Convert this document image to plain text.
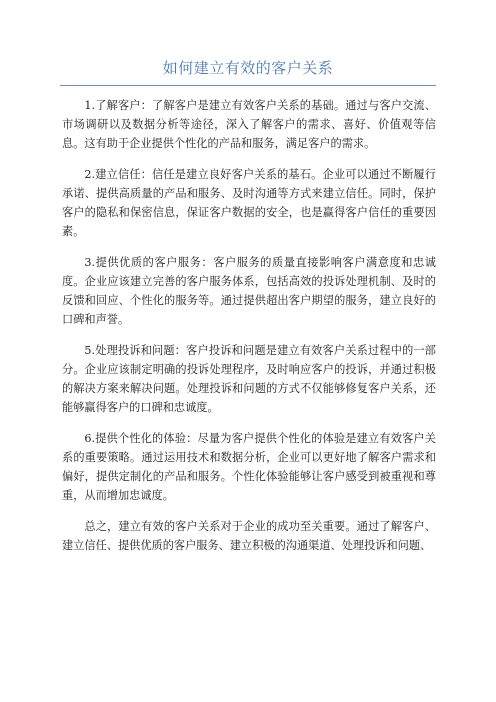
如何建立有效的客户关系

1.了解客户：了解客户是建立有效客户关系的基础。通过与客户交流、市场调研以及数据分析等途径，深入了解客户的需求、喜好、价值观等信息。这有助于企业提供个性化的产品和服务，满足客户的需求。

2.建立信任：信任是建立良好客户关系的基石。企业可以通过不断履行承诺、提供高质量的产品和服务、及时沟通等方式来建立信任。同时，保护客户的隐私和保密信息，保证客户数据的安全，也是赢得客户信任的重要因素。

3.提供优质的客户服务：客户服务的质量直接影响客户满意度和忠诚度。企业应该建立完善的客户服务体系，包括高效的投诉处理机制、及时的反馈和回应、个性化的服务等。通过提供超出客户期望的服务，建立良好的口碑和声誉。

5.处理投诉和问题：客户投诉和问题是建立有效客户关系过程中的一部分。企业应该制定明确的投诉处理程序，及时响应客户的投诉，并通过积极的解决方案来解决问题。处理投诉和问题的方式不仅能够修复客户关系，还能够赢得客户的口碑和忠诚度。

6.提供个性化的体验：尽量为客户提供个性化的体验是建立有效客户关系的重要策略。通过运用技术和数据分析，企业可以更好地了解客户需求和偏好，提供定制化的产品和服务。个性化体验能够让客户感受到被重视和尊重，从而增加忠诚度。

总之，建立有效的客户关系对于企业的成功至关重要。通过了解客户、建立信任、提供优质的客户服务、建立积极的沟通渠道、处理投诉和问题、
